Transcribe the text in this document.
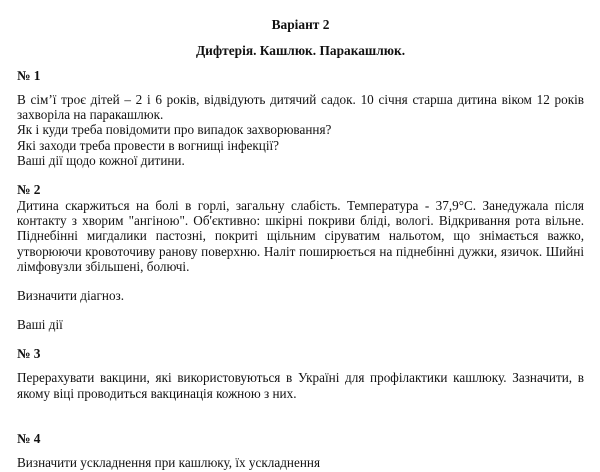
Варіант 2

Дифтерія. Кашлюк. Паракашлюк.

№ 1

В сім’ї троє дітей – 2 і 6 років, відвідують дитячий садок. 10 січня старша дитина віком 12 років захворіла на паракашлюк.

Як і куди треба повідомити про випадок захворювання?

Які заходи треба провести в вогнищі інфекції?

Ваші дії щодо кожної дитини.

№ 2

Дитина скаржиться на болі в горлі, загальну слабість. Температура - 37,9°С. Занедужала після контакту з хворим "ангіною". Об'єктивно: шкірні покриви бліді, вологі. Відкривання рота вільне. Піднебінні мигдалики пастозні, покриті щільним сіруватим нальотом, що знімається важко, утворюючи кровоточиву ранову поверхню. Наліт поширюється на піднебінні дужки, язичок. Шийні лімфовузли збільшені, болючі.

Визначити діагноз.

Ваші дії

№ 3

Перерахувати вакцини, які використовуються в Україні для профілактики кашлюку. Зазначити, в якому віці проводиться вакцинація кожною з них.

№ 4

Визначити ускладнення при кашлюку, їх ускладнення
